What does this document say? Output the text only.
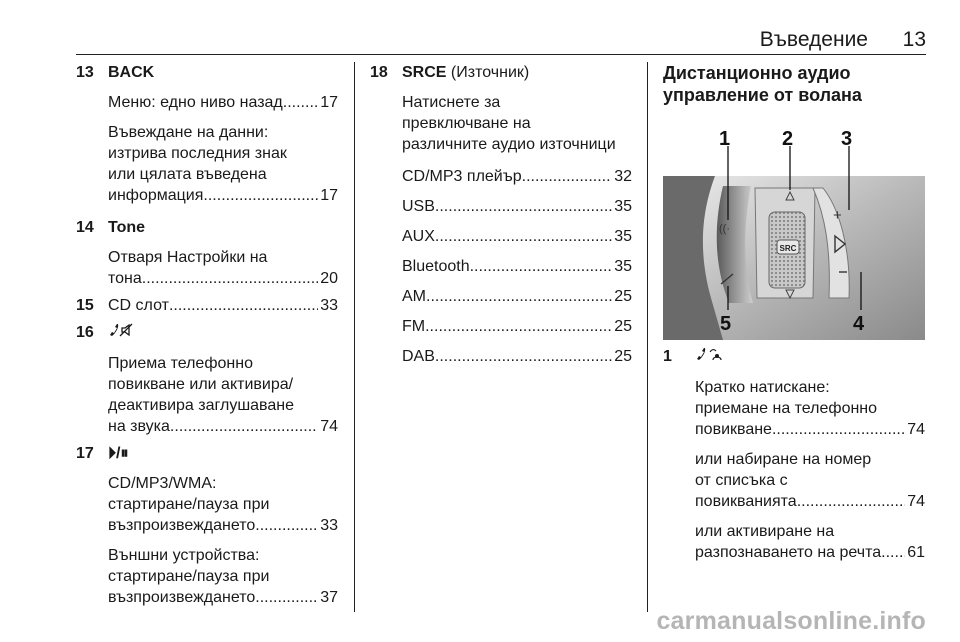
Въведение 13
13 BACK
Меню: едно ниво назад ..... 17
Въвеждане на данни:
изтрива последния знак
или цялата въведена
информация .....	17
14 Tone
Отваря Настройки на
тона .....	20
15 CD слот .....	33
16
Приема телефонно
повикване или активира/
деактивира заглушаване
на звука .....	74
17 ⏵/⏸
CD/MP3/WMA:
стартиране/пауза при
възпроизвеждането .....	33
Външни устройства:
стартиране/пауза при
възпроизвеждането .....	37
18 SRCE (Източник)
Натиснете за
превключване на
различните аудио източници
CD/MP3 плейър .....	32
USB .....	35
AUX .....	35
Bluetooth .....	35
AM .....	25
FM .....	25
DAB .....	25
Дистанционно аудио
управление от волана
SRC
+
((·
1	2 3
4
5
1
Кратко натискане:
приемане на телефонно
повикване .....	74
или набиране на номер
от списъка с
повикванията .....	74
или активиране на
разпознаването на речта ..... 61
carmanualsonline.info
